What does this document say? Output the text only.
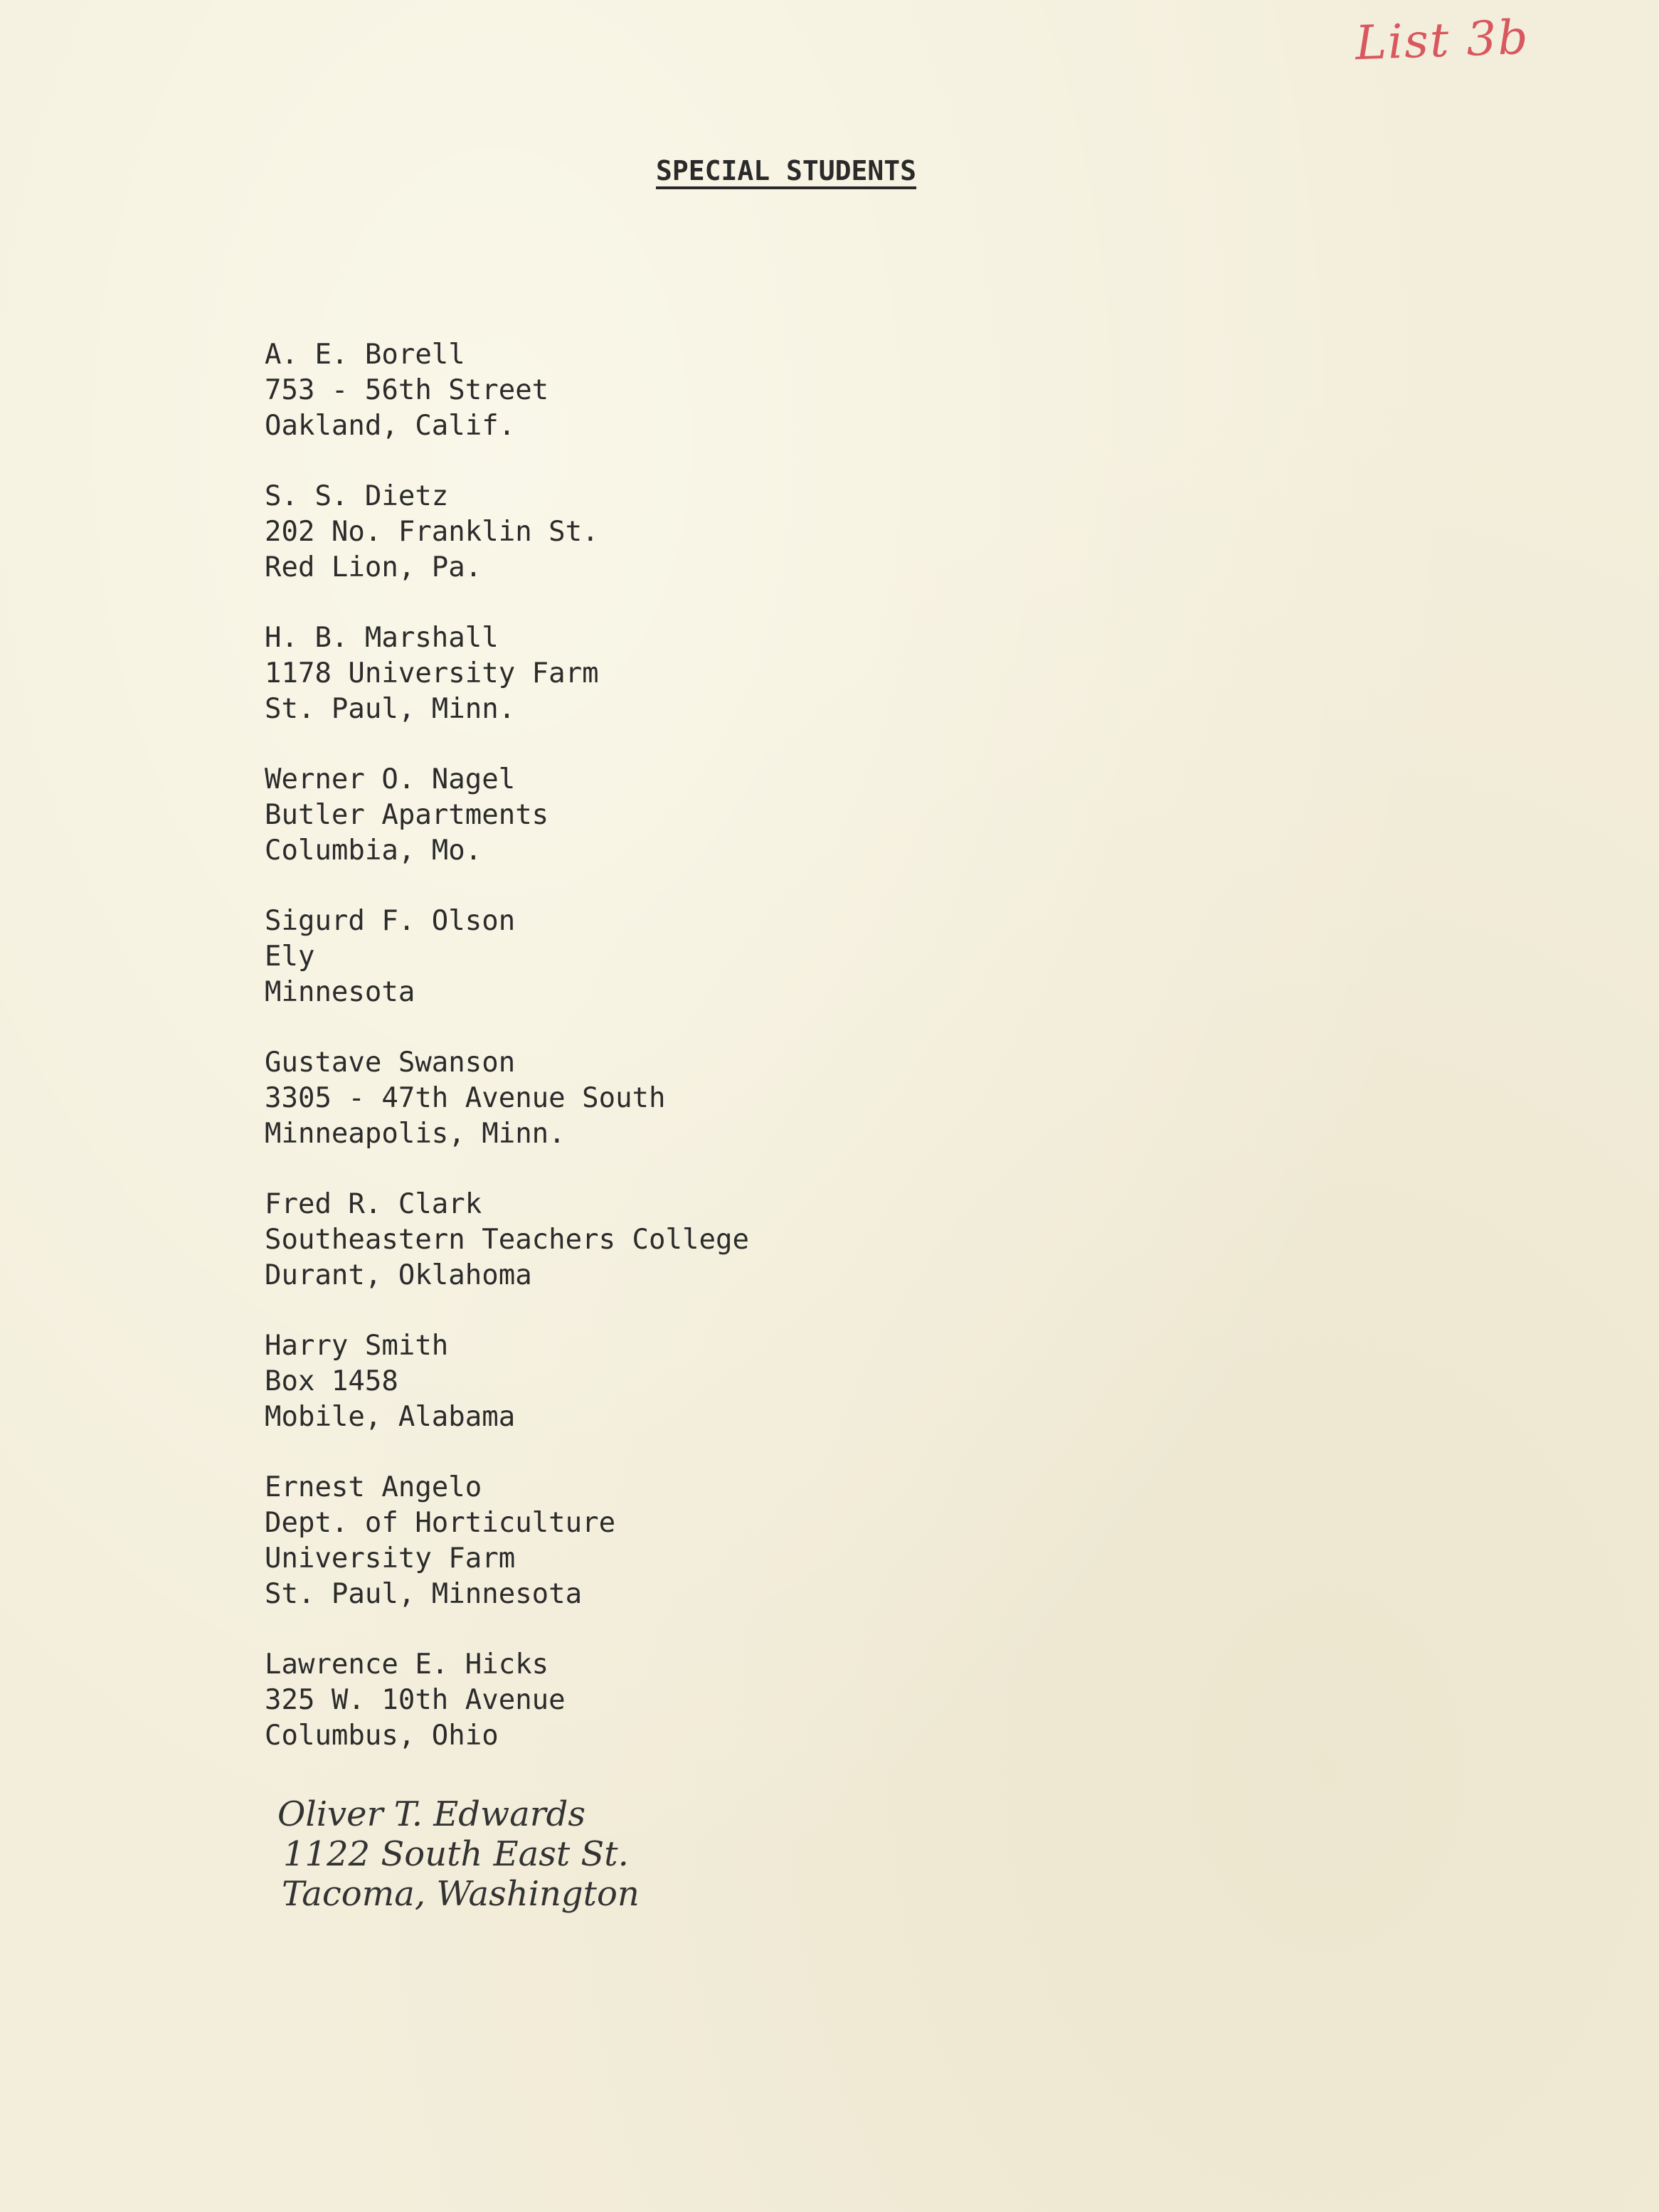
List 3b

SPECIAL STUDENTS
A. E. Borell
753 - 56th Street
Oakland, Calif.
S. S. Dietz
202 No. Franklin St.
Red Lion, Pa.
H. B. Marshall
1178 University Farm
St. Paul, Minn.
Werner O. Nagel
Butler Apartments
Columbia, Mo.
Sigurd F. Olson
Ely
Minnesota
Gustave Swanson
3305 - 47th Avenue South
Minneapolis, Minn.
Fred R. Clark
Southeastern Teachers College
Durant, Oklahoma
Harry Smith
Box 1458
Mobile, Alabama
Ernest Angelo
Dept. of Horticulture
University Farm
St. Paul, Minnesota
Lawrence E. Hicks
325 W. 10th Avenue
Columbus, Ohio
Oliver T. Edwards
1122 South East St.
Tacoma, Washington
